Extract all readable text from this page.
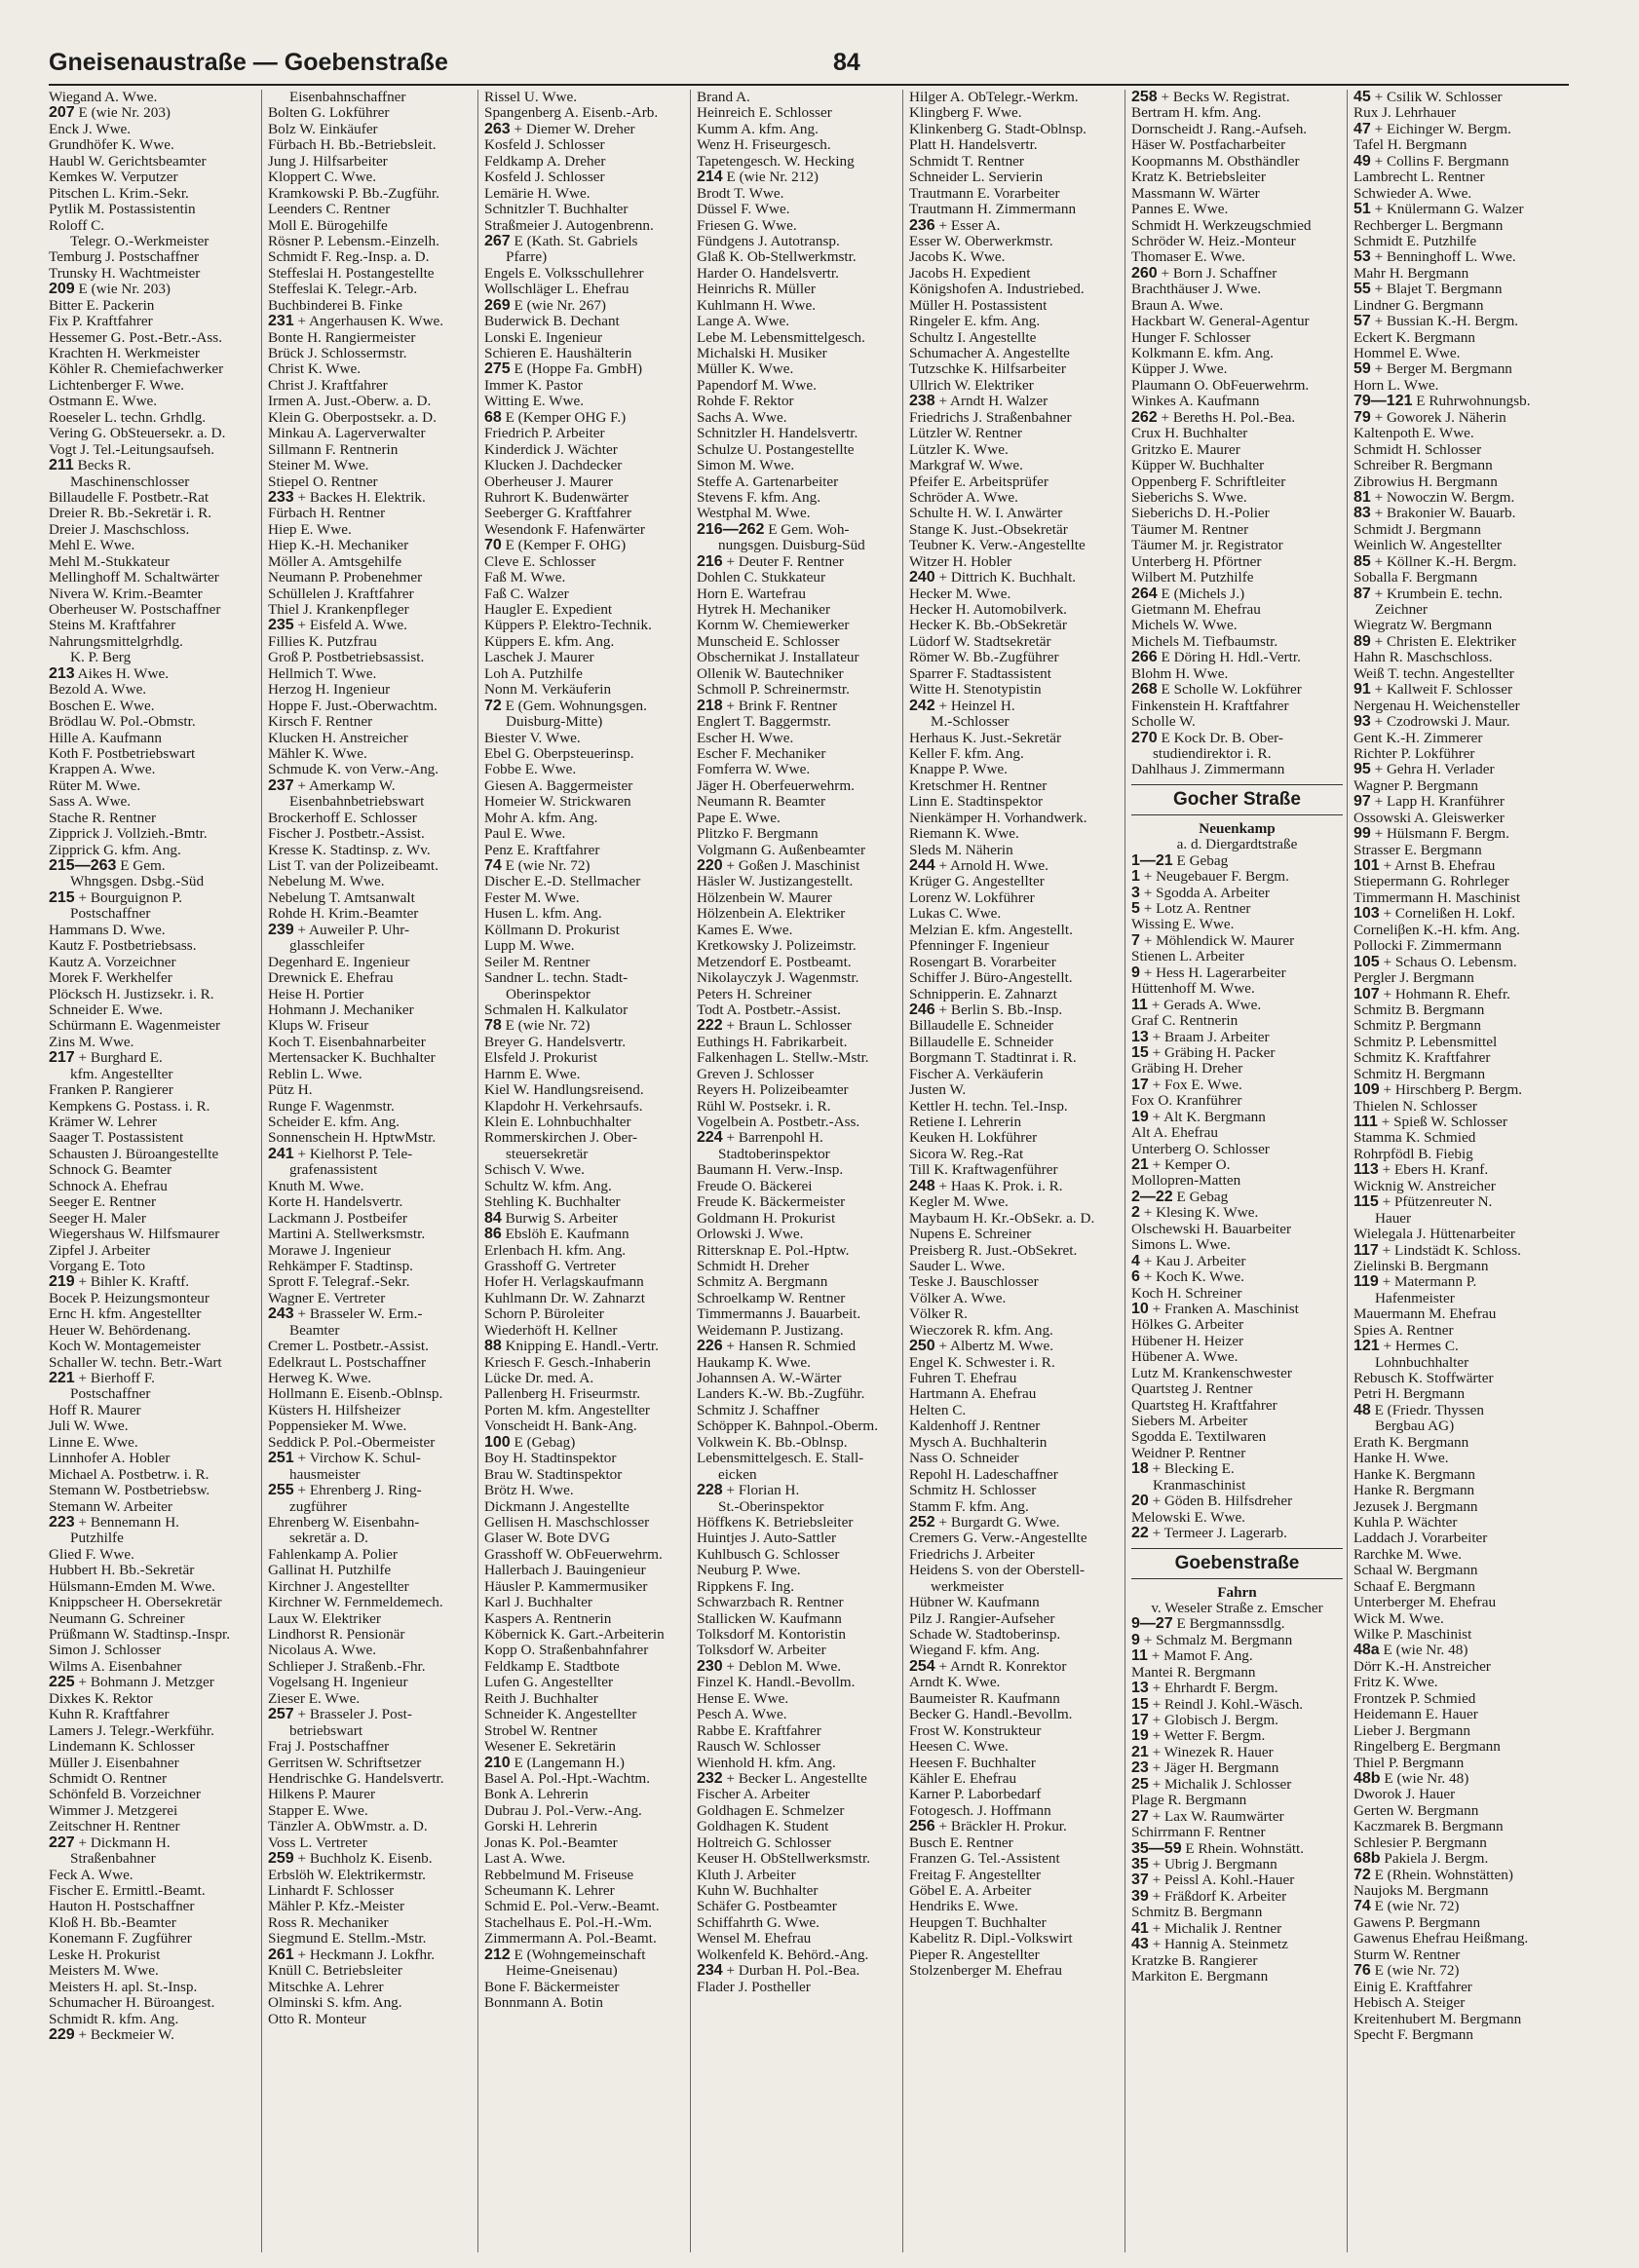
Gneisenaustraße — Goebenstraße	84
Wiegand A. Wwe.
207 E (wie Nr. 203)
Enck J. Wwe.
Grundhöfer K. Wwe.
Haubl W. Gerichtsbeamter
Kemkes W. Verputzer
Pitschen L. Krim.-Sekr.
Pytlik M. Postassistentin
Roloff C.
Telegr. O.-Werkmeister
Temburg J. Postschaffner
Trunsky H. Wachtmeister
209 E (wie Nr. 203)
Bitter E. Packerin
Fix P. Kraftfahrer
Hessemer G. Post.-Betr.-Ass.
Krachten H. Werkmeister
Köhler R. Chemiefachwerker
Lichtenberger F. Wwe.
Ostmann E. Wwe.
Roeseler L. techn. Grhdlg.
Vering G. ObSteuersekr. a. D.
Vogt J. Tel.-Leitungsaufseh.
211 Becks R.
Maschinenschlosser
Billaudelle F. Postbetr.-Rat
Dreier R. Bb.-Sekretär i. R.
Dreier J. Maschschloss.
Mehl E. Wwe.
Mehl M.-Stukkateur
Mellinghoff M. Schaltwärter
Nivera W. Krim.-Beamter
Oberheuser W. Postschaffner
Steins M. Kraftfahrer
Nahrungsmittelgrhdlg.
K. P. Berg
213 Aikes H. Wwe.
Bezold A. Wwe.
Boschen E. Wwe.
Brödlau W. Pol.-Obmstr.
Hille A. Kaufmann
Koth F. Postbetriebswart
Krappen A. Wwe.
Rüter M. Wwe.
Sass A. Wwe.
Stache R. Rentner
Zipprick J. Vollzieh.-Bmtr.
Zipprick G. kfm. Ang.
215—263 E Gem.
Whngsgen. Dsbg.-Süd
215 + Bourguignon P.
Postschaffner
Hammans D. Wwe.
Kautz F. Postbetriebsass.
Kautz A. Vorzeichner
Morek F. Werkhelfer
Plöcksch H. Justizsekr. i. R.
Schneider E. Wwe.
Schürmann E. Wagenmeister
Zins M. Wwe.
217 + Burghard E.
kfm. Angestellter
Franken P. Rangierer
Kempkens G. Postass. i. R.
Krämer W. Lehrer
Saager T. Postassistent
Schausten J. Büroangestellte
Schnock G. Beamter
Schnock A. Ehefrau
Seeger E. Rentner
Seeger H. Maler
Wiegershaus W. Hilfsmaurer
Zipfel J. Arbeiter
Vorgang E. Toto
219 + Bihler K. Kraftf.
Bocek P. Heizungsmonteur
Ernc H. kfm. Angestellter
Heuer W. Behördenang.
Koch W. Montagemeister
Schaller W. techn. Betr.-Wart
221 + Bierhoff F.
Postschaffner
Hoff R. Maurer
Juli W. Wwe.
Linne E. Wwe.
Linnhofer A. Hobler
Michael A. Postbetrw. i. R.
Stemann W. Postbetriebsw.
Stemann W. Arbeiter
223 + Bennemann H.
Putzhilfe
Glied F. Wwe.
Hubbert H. Bb.-Sekretär
Hülsmann-Emden M. Wwe.
Knippscheer H. Obersekretär
Neumann G. Schreiner
Prüßmann W. Stadtinsp.-Inspr.
Simon J. Schlosser
Wilms A. Eisenbahner
225 + Bohmann J. Metzger
Dixkes K. Rektor
Kuhn R. Kraftfahrer
Lamers J. Telegr.-Werkführ.
Lindemann K. Schlosser
Müller J. Eisenbahner
Schmidt O. Rentner
Schönfeld B. Vorzeichner
Wimmer J. Metzgerei
Zeitschner H. Rentner
227 + Dickmann H.
Straßenbahner
Feck A. Wwe.
Fischer E. Ermittl.-Beamt.
Hauton H. Postschaffner
Kloß H. Bb.-Beamter
Konemann F. Zugführer
Leske H. Prokurist
Meisters M. Wwe.
Meisters H. apl. St.-Insp.
Schumacher H. Büroangest.
Schmidt R. kfm. Ang.
229 + Beckmeier W.
Eisenbahnschaffner
Bolten G. Lokführer
Bolz W. Einkäufer
Fürbach H. Bb.-Betriebsleit.
Jung J. Hilfsarbeiter
Kloppert C. Wwe.
Kramkowski P. Bb.-Zugführ.
Leenders C. Rentner
Moll E. Bürogehilfe
Rösner P. Lebensm.-Einzelh.
Schmidt F. Reg.-Insp. a. D.
Steffeslai H. Postangestellte
Steffeslai K. Telegr.-Arb.
Buchbinderei B. Finke
231 + Angerhausen K. Wwe.
Bonte H. Rangiermeister
Brück J. Schlossermstr.
Christ K. Wwe.
Christ J. Kraftfahrer
Irmen A. Just.-Oberw. a. D.
Klein G. Oberpostsekr. a. D.
Minkau A. Lagerverwalter
Sillmann F. Rentnerin
Steiner M. Wwe.
Stiepel O. Rentner
233 + Backes H. Elektrik.
Fürbach H. Rentner
Hiep E. Wwe.
Hiep K.-H. Mechaniker
Möller A. Amtsgehilfe
Neumann P. Probenehmer
Schüllelen J. Kraftfahrer
Thiel J. Krankenpfleger
235 + Eisfeld A. Wwe.
Fillies K. Putzfrau
Groß P. Postbetriebsassist.
Hellmich T. Wwe.
Herzog H. Ingenieur
Hoppe F. Just.-Oberwachtm.
Kirsch F. Rentner
Klucken H. Anstreicher
Mähler K. Wwe.
Schmude K. von Verw.-Ang.
237 + Amerkamp W.
Eisenbahnbetriebswart
Brockerhoff E. Schlosser
Fischer J. Postbetr.-Assist.
Kresse K. Stadtinsp. z. Wv.
List T. van der Polizeibeamt.
Nebelung M. Wwe.
Nebelung T. Amtsanwalt
Rohde H. Krim.-Beamter
239 + Auweiler P. Uhr-
glasschleifer
Degenhard E. Ingenieur
Drewnick E. Ehefrau
Heise H. Portier
Hohmann J. Mechaniker
Klups W. Friseur
Koch T. Eisenbahnarbeiter
Mertensacker K. Buchhalter
Reblin L. Wwe.
Pütz H.
Runge F. Wagenmstr.
Scheider E. kfm. Ang.
Sonnenschein H. HptwMstr.
241 + Kielhorst P. Tele-
grafenassistent
Knuth M. Wwe.
Korte H. Handelsvertr.
Lackmann J. Postbeifer
Martini A. Stellwerksmstr.
Morawe J. Ingenieur
Rehkämper F. Stadtinsp.
Sprott F. Telegraf.-Sekr.
Wagner E. Vertreter
243 + Brasseler W. Erm.-
Beamter
Cremer L. Postbetr.-Assist.
Edelkraut L. Postschaffner
Herweg K. Wwe.
Hollmann E. Eisenb.-Oblnsp.
Küsters H. Hilfsheizer
Poppensieker M. Wwe.
Seddick P. Pol.-Obermeister
251 + Virchow K. Schul-
hausmeister
255 + Ehrenberg J. Ring-
zugführer
Ehrenberg W. Eisenbahn-
sekretär a. D.
Fahlenkamp A. Polier
Gallinat H. Putzhilfe
Kirchner J. Angestellter
Kirchner W. Fernmeldemech.
Laux W. Elektriker
Lindhorst R. Pensionär
Nicolaus A. Wwe.
Schlieper J. Straßenb.-Fhr.
Vogelsang H. Ingenieur
Zieser E. Wwe.
257 + Brasseler J. Post-
betriebswart
Fraj J. Postschaffner
Gerritsen W. Schriftsetzer
Hendrischke G. Handelsvertr.
Hilkens P. Maurer
Stapper E. Wwe.
Tänzler A. ObWmstr. a. D.
Voss L. Vertreter
259 + Buchholz K. Eisenb.
Erbslöh W. Elektrikermstr.
Linhardt F. Schlosser
Mähler P. Kfz.-Meister
Ross R. Mechaniker
Siegmund E. Stellm.-Mstr.
261 + Heckmann J. Lokfhr.
Knüll C. Betriebsleiter
Mitschke A. Lehrer
Olminski S. kfm. Ang.
Otto R. Monteur
Rissel U. Wwe.
Spangenberg A. Eisenb.-Arb.
263 + Diemer W. Dreher
Kosfeld J. Schlosser
Feldkamp A. Dreher
Kosfeld J. Schlosser
Lemärie H. Wwe.
Schnitzler T. Buchhalter
Straßmeier J. Autogenbrenn.
267 E (Kath. St. Gabriels
Pfarre)
Engels E. Volksschullehrer
Wollschläger L. Ehefrau
269 E (wie Nr. 267)
Buderwick B. Dechant
Lonski E. Ingenieur
Schieren E. Haushälterin
275 E (Hoppe Fa. GmbH)
Immer K. Pastor
Witting E. Wwe.
68 E (Kemper OHG F.)
Friedrich P. Arbeiter
Kinderdick J. Wächter
Klucken J. Dachdecker
Oberheuser J. Maurer
Ruhrort K. Budenwärter
Seeberger G. Kraftfahrer
Wesendonk F. Hafenwärter
70 E (Kemper F. OHG)
Cleve E. Schlosser
Faß M. Wwe.
Faß C. Walzer
Haugler E. Expedient
Küppers P. Elektro-Technik.
Küppers E. kfm. Ang.
Laschek J. Maurer
Loh A. Putzhilfe
Nonn M. Verkäuferin
72 E (Gem. Wohnungsgen.
Duisburg-Mitte)
Biester V. Wwe.
Ebel G. Oberpsteuerinsp.
Fobbe E. Wwe.
Giesen A. Baggermeister
Homeier W. Strickwaren
Mohr A. kfm. Ang.
Paul E. Wwe.
Penz E. Kraftfahrer
74 E (wie Nr. 72)
Discher E.-D. Stellmacher
Fester M. Wwe.
Husen L. kfm. Ang.
Köllmann D. Prokurist
Lupp M. Wwe.
Seiler M. Rentner
Sandner L. techn. Stadt-
Oberinspektor
Schmalen H. Kalkulator
78 E (wie Nr. 72)
Breyer G. Handelsvertr.
Elsfeld J. Prokurist
Harnm E. Wwe.
Kiel W. Handlungsreisend.
Klapdohr H. Verkehrsaufs.
Klein E. Lohnbuchhalter
Rommerskirchen J. Ober-
steuersekretär
Schisch V. Wwe.
Schultz W. kfm. Ang.
Stehling K. Buchhalter
84 Burwig S. Arbeiter
86 Ebslöh E. Kaufmann
Erlenbach H. kfm. Ang.
Grasshoff G. Vertreter
Hofer H. Verlagskaufmann
Kuhlmann Dr. W. Zahnarzt
Schorn P. Büroleiter
Wiederhöft H. Kellner
88 Knipping E. Handl.-Vertr.
Kriesch F. Gesch.-Inhaberin
Lücke Dr. med. A.
Pallenberg H. Friseurmstr.
Porten M. kfm. Angestellter
Vonscheidt H. Bank-Ang.
100 E (Gebag)
Boy H. Stadtinspektor
Brau W. Stadtinspektor
Brötz H. Wwe.
Dickmann J. Angestellte
Gellisen H. Maschschlosser
Glaser W. Bote DVG
Grasshoff W. ObFeuerwehrm.
Hallerbach J. Bauingenieur
Häusler P. Kammermusiker
Karl J. Buchhalter
Kaspers A. Rentnerin
Köbernick K. Gart.-Arbeiterin
Kopp O. Straßenbahnfahrer
Feldkamp E. Stadtbote
Lufen G. Angestellter
Reith J. Buchhalter
Schneider K. Angestellter
Strobel W. Rentner
Wesener E. Sekretärin
210 E (Langemann H.)
Basel A. Pol.-Hpt.-Wachtm.
Bonk A. Lehrerin
Dubrau J. Pol.-Verw.-Ang.
Gorski H. Lehrerin
Jonas K. Pol.-Beamter
Last A. Wwe.
Rebbelmund M. Friseuse
Scheumann K. Lehrer
Schmid E. Pol.-Verw.-Beamt.
Stachelhaus E. Pol.-H.-Wm.
Zimmermann A. Pol.-Beamt.
212 E (Wohngemeinschaft
Heime-Gneisenau)
Bone F. Bäckermeister
Bonnmann A. Botin
Brand A.
Heinreich E. Schlosser
Kumm A. kfm. Ang.
Wenz H. Friseurgesch.
Tapetengesch. W. Hecking
214 E (wie Nr. 212)
Brodt T. Wwe.
Düssel F. Wwe.
Friesen G. Wwe.
Fündgens J. Autotransp.
Glaß K. Ob-Stellwerkmstr.
Harder O. Handelsvertr.
Heinrichs R. Müller
Kuhlmann H. Wwe.
Lange A. Wwe.
Lebe M. Lebensmittelgesch.
Michalski H. Musiker
Müller K. Wwe.
Papendorf M. Wwe.
Rohde F. Rektor
Sachs A. Wwe.
Schnitzler H. Handelsvertr.
Schulze U. Postangestellte
Simon M. Wwe.
Steffe A. Gartenarbeiter
Stevens F. kfm. Ang.
Westphal M. Wwe.
216—262 E Gem. Woh-
nungsgen. Duisburg-Süd
216 + Deuter F. Rentner
Dohlen C. Stukkateur
Horn E. Wartefrau
Hytrek H. Mechaniker
Kornm W. Chemiewerker
Munscheid E. Schlosser
Obschernikat J. Installateur
Ollenik W. Bautechniker
Schmoll P. Schreinermstr.
218 + Brink F. Rentner
Englert T. Baggermstr.
Escher H. Wwe.
Escher F. Mechaniker
Fomferra W. Wwe.
Jäger H. Oberfeuerwehrm.
Neumann R. Beamter
Pape E. Wwe.
Plitzko F. Bergmann
Volgmann G. Außenbeamter
220 + Goßen J. Maschinist
Häsler W. Justizangestellt.
Hölzenbein W. Maurer
Hölzenbein A. Elektriker
Kames E. Wwe.
Kretkowsky J. Polizeimstr.
Metzendorf E. Postbeamt.
Nikolayczyk J. Wagenmstr.
Peters H. Schreiner
Todt A. Postbetr.-Assist.
222 + Braun L. Schlosser
Euthings H. Fabrikarbeit.
Falkenhagen L. Stellw.-Mstr.
Greven J. Schlosser
Reyers H. Polizeibeamter
Rühl W. Postsekr. i. R.
Vogelbein A. Postbetr.-Ass.
224 + Barrenpohl H.
Stadtoberinspektor
Baumann H. Verw.-Insp.
Freude O. Bäckerei
Freude K. Bäckermeister
Goldmann H. Prokurist
Orlowski J. Wwe.
Rittersknap E. Pol.-Hptw.
Schmidt H. Dreher
Schmitz A. Bergmann
Schroelkamp W. Rentner
Timmermanns J. Bauarbeit.
Weidemann P. Justizang.
226 + Hansen R. Schmied
Haukamp K. Wwe.
Johannsen A. W.-Wärter
Landers K.-W. Bb.-Zugführ.
Schmitz J. Schaffner
Schöpper K. Bahnpol.-Oberm.
Volkwein K. Bb.-Oblnsp.
Lebensmittelgesch. E. Stall-
eicken
228 + Florian H.
St.-Oberinspektor
Höffkens K. Betriebsleiter
Huintjes J. Auto-Sattler
Kuhlbusch G. Schlosser
Neuburg P. Wwe.
Rippkens F. Ing.
Schwarzbach R. Rentner
Stallicken W. Kaufmann
Tolksdorf M. Kontoristin
Tolksdorf W. Arbeiter
230 + Deblon M. Wwe.
Finzel K. Handl.-Bevollm.
Hense E. Wwe.
Pesch A. Wwe.
Rabbe E. Kraftfahrer
Rausch W. Schlosser
Wienhold H. kfm. Ang.
232 + Becker L. Angestellte
Fischer A. Arbeiter
Goldhagen E. Schmelzer
Goldhagen K. Student
Holtreich G. Schlosser
Keuser H. ObStellwerksmstr.
Kluth J. Arbeiter
Kuhn W. Buchhalter
Schäfer G. Postbeamter
Schiffahrth G. Wwe.
Wensel M. Ehefrau
Wolkenfeld K. Behörd.-Ang.
234 + Durban H. Pol.-Bea.
Flader J. Postheller
Hilger A. ObTelegr.-Werkm.
Klingberg F. Wwe.
Klinkenberg G. Stadt-Oblnsp.
Platt H. Handelsvertr.
Schmidt T. Rentner
Schneider L. Servierin
Trautmann E. Vorarbeiter
Trautmann H. Zimmermann
236 + Esser A.
Esser W. Oberwerkmstr.
Jacobs K. Wwe.
Jacobs H. Expedient
Königshofen A. Industriebed.
Müller H. Postassistent
Ringeler E. kfm. Ang.
Schultz I. Angestellte
Schumacher A. Angestellte
Tutzschke K. Hilfsarbeiter
Ullrich W. Elektriker
238 + Arndt H. Walzer
Friedrichs J. Straßenbahner
Lützler W. Rentner
Lützler K. Wwe.
Markgraf W. Wwe.
Pfeifer E. Arbeitsprüfer
Schröder A. Wwe.
Schulte H. W. I. Anwärter
Stange K. Just.-Obsekretär
Teubner K. Verw.-Angestellte
Witzer H. Hobler
240 + Dittrich K. Buchhalt.
Hecker M. Wwe.
Hecker H. Automobilverk.
Hecker K. Bb.-ObSekretär
Lüdorf W. Stadtsekretär
Römer W. Bb.-Zugführer
Sparrer F. Stadtassistent
Witte H. Stenotypistin
242 + Heinzel H.
M.-Schlosser
Herhaus K. Just.-Sekretär
Keller F. kfm. Ang.
Knappe P. Wwe.
Kretschmer H. Rentner
Linn E. Stadtinspektor
Nienkämper H. Vorhandwerk.
Riemann K. Wwe.
Sleds M. Näherin
244 + Arnold H. Wwe.
Krüger G. Angestellter
Lorenz W. Lokführer
Lukas C. Wwe.
Melzian E. kfm. Angestellt.
Pfenninger F. Ingenieur
Rosengart B. Vorarbeiter
Schiffer J. Büro-Angestellt.
Schnipperin. E. Zahnarzt
246 + Berlin S. Bb.-Insp.
Billaudelle E. Schneider
Billaudelle E. Schneider
Borgmann T. Stadtinrat i. R.
Fischer A. Verkäuferin
Justen W.
Kettler H. techn. Tel.-Insp.
Retiene I. Lehrerin
Keuken H. Lokführer
Sicora W. Reg.-Rat
Till K. Kraftwagenführer
248 + Haas K. Prok. i. R.
Kegler M. Wwe.
Maybaum H. Kr.-ObSekr. a. D.
Nupens E. Schreiner
Preisberg R. Just.-ObSekret.
Sauder L. Wwe.
Teske J. Bauschlosser
Völker A. Wwe.
Völker R.
Wieczorek R. kfm. Ang.
250 + Albertz M. Wwe.
Engel K. Schwester i. R.
Fuhren T. Ehefrau
Hartmann A. Ehefrau
Helten C.
Kaldenhoff J. Rentner
Mysch A. Buchhalterin
Nass O. Schneider
Repohl H. Ladeschaffner
Schmitz H. Schlosser
Stamm F. kfm. Ang.
252 + Burgardt G. Wwe.
Cremers G. Verw.-Angestellte
Friedrichs J. Arbeiter
Heidens S. von der Oberstell-
werkmeister
Hübner W. Kaufmann
Pilz J. Rangier-Aufseher
Schade W. Stadtoberinsp.
Wiegand F. kfm. Ang.
254 + Arndt R. Konrektor
Arndt K. Wwe.
Baumeister R. Kaufmann
Becker G. Handl.-Bevollm.
Frost W. Konstrukteur
Heesen C. Wwe.
Heesen F. Buchhalter
Kähler E. Ehefrau
Karner P. Laborbedarf
Fotogesch. J. Hoffmann
256 + Bräckler H. Prokur.
Busch E. Rentner
Franzen G. Tel.-Assistent
Freitag F. Angestellter
Göbel E. A. Arbeiter
Hendriks E. Wwe.
Heupgen T. Buchhalter
Kabelitz R. Dipl.-Volkswirt
Pieper R. Angestellter
Stolzenberger M. Ehefrau
258 + Becks W. Registrat.
Bertram H. kfm. Ang.
Dornscheidt J. Rang.-Aufseh.
Häser W. Postfacharbeiter
Koopmanns M. Obsthändler
Kratz K. Betriebsleiter
Massmann W. Wärter
Pannes E. Wwe.
Schmidt H. Werkzeugschmied
Schröder W. Heiz.-Monteur
Thomaser E. Wwe.
260 + Born J. Schaffner
Brachthäuser J. Wwe.
Braun A. Wwe.
Hackbart W. General-Agentur
Hunger F. Schlosser
Kolkmann E. kfm. Ang.
Küpper J. Wwe.
Plaumann O. ObFeuerwehrm.
Winkes A. Kaufmann
262 + Bereths H. Pol.-Bea.
Crux H. Buchhalter
Gritzko E. Maurer
Küpper W. Buchhalter
Oppenberg F. Schriftleiter
Sieberichs S. Wwe.
Sieberichs D. H.-Polier
Täumer M. Rentner
Täumer M. jr. Registrator
Unterberg H. Pförtner
Wilbert M. Putzhilfe
264 E (Michels J.)
Gietmann M. Ehefrau
Michels W. Wwe.
Michels M. Tiefbaumstr.
266 E Döring H. Hdl.-Vertr.
Blohm H. Wwe.
268 E Scholle W. Lokführer
Finkenstein H. Kraftfahrer
Scholle W.
270 E Kock Dr. B. Ober-
studiendirektor i. R.
Dahlhaus J. Zimmermann
Gocher Straße
Neuenkamp
a. d. Diergardtstraße
1—21 E Gebag
1 + Neugebauer F. Bergm.
3 + Sgodda A. Arbeiter
5 + Lotz A. Rentner
Wissing E. Wwe.
7 + Möhlendick W. Maurer
Stienen L. Arbeiter
9 + Hess H. Lagerarbeiter
Hüttenhoff M. Wwe.
11 + Gerads A. Wwe.
Graf C. Rentnerin
13 + Braam J. Arbeiter
15 + Gräbing H. Packer
Gräbing H. Dreher
17 + Fox E. Wwe.
Fox O. Kranführer
19 + Alt K. Bergmann
Alt A. Ehefrau
Unterberg O. Schlosser
21 + Kemper O.
Mollopren-Matten
2—22 E Gebag
2 + Klesing K. Wwe.
Olschewski H. Bauarbeiter
Simons L. Wwe.
4 + Kau J. Arbeiter
6 + Koch K. Wwe.
Koch H. Schreiner
10 + Franken A. Maschinist
Hölkes G. Arbeiter
Hübener H. Heizer
Hübener A. Wwe.
Lutz M. Krankenschwester
Quartsteg J. Rentner
Quartsteg H. Kraftfahrer
Siebers M. Arbeiter
Sgodda E. Textilwaren
Weidner P. Rentner
18 + Blecking E.
Kranmaschinist
20 + Göden B. Hilfsdreher
Melowski E. Wwe.
22 + Termeer J. Lagerarb.
Goebenstraße
Fahrn
v. Weseler Straße z. Emscher
9—27 E Bergmannssdlg.
9 + Schmalz M. Bergmann
11 + Mamot F. Ang.
Mantei R. Bergmann
13 + Ehrhardt F. Bergm.
15 + Reindl J. Kohl.-Wäsch.
17 + Globisch J. Bergm.
19 + Wetter F. Bergm.
21 + Winezek R. Hauer
23 + Jäger H. Bergmann
25 + Michalik J. Schlosser
Plage R. Bergmann
27 + Lax W. Raumwärter
Schirrmann F. Rentner
35—59 E Rhein. Wohnstätt.
35 + Ubrig J. Bergmann
37 + Peissl A. Kohl.-Hauer
39 + Fräßdorf K. Arbeiter
Schmitz B. Bergmann
41 + Michalik J. Rentner
43 + Hannig A. Steinmetz
Kratzke B. Rangierer
Markiton E. Bergmann
45 + Csilik W. Schlosser
Rux J. Lehrhauer
47 + Eichinger W. Bergm.
Tafel H. Bergmann
49 + Collins F. Bergmann
Lambrecht L. Rentner
Schwieder A. Wwe.
51 + Knülermann G. Walzer
Rechberger L. Bergmann
Schmidt E. Putzhilfe
53 + Benninghoff L. Wwe.
Mahr H. Bergmann
55 + Blajet T. Bergmann
Lindner G. Bergmann
57 + Bussian K.-H. Bergm.
Eckert K. Bergmann
Hommel E. Wwe.
59 + Berger M. Bergmann
Horn L. Wwe.
79—121 E Ruhrwohnungsb.
79 + Goworek J. Näherin
Kaltenpoth E. Wwe.
Schmidt H. Schlosser
Schreiber R. Bergmann
Zibrowius H. Bergmann
81 + Nowoczin W. Bergm.
83 + Brakonier W. Bauarb.
Schmidt J. Bergmann
Weinlich W. Angestellter
85 + Köllner K.-H. Bergm.
Soballa F. Bergmann
87 + Krumbein E. techn.
Zeichner
Wiegratz W. Bergmann
89 + Christen E. Elektriker
Hahn R. Maschschloss.
Weiß T. techn. Angestellter
91 + Kallweit F. Schlosser
Nergenau H. Weichensteller
93 + Czodrowski J. Maur.
Gent K.-H. Zimmerer
Richter P. Lokführer
95 + Gehra H. Verlader
Wagner P. Bergmann
97 + Lapp H. Kranführer
Ossowski A. Gleiswerker
99 + Hülsmann F. Bergm.
Strasser E. Bergmann
101 + Arnst B. Ehefrau
Stiepermann G. Rohrleger
Timmermann H. Maschinist
103 + Cornelißen H. Lokf.
Corneliβen K.-H. kfm. Ang.
Pollocki F. Zimmermann
105 + Schaus O. Lebensm.
Pergler J. Bergmann
107 + Hohmann R. Ehefr.
Schmitz B. Bergmann
Schmitz P. Bergmann
Schmitz P. Lebensmittel
Schmitz K. Kraftfahrer
Schmitz H. Bergmann
109 + Hirschberg P. Bergm.
Thielen N. Schlosser
111 + Spieß W. Schlosser
Stamma K. Schmied
Rohrpfödl B. Fiebig
113 + Ebers H. Kranf.
Wicknig W. Anstreicher
115 + Pfützenreuter N.
Hauer
Wielegala J. Hüttenarbeiter
117 + Lindstädt K. Schloss.
Zielinski B. Bergmann
119 + Matermann P.
Hafenmeister
Mauermann M. Ehefrau
Spies A. Rentner
121 + Hermes C.
Lohnbuchhalter
Rebusch K. Stoffwärter
Petri H. Bergmann
48 E (Friedr. Thyssen
Bergbau AG)
Erath K. Bergmann
Hanke H. Wwe.
Hanke K. Bergmann
Hanke R. Bergmann
Jezusek J. Bergmann
Kuhla P. Wächter
Laddach J. Vorarbeiter
Rarchke M. Wwe.
Schaal W. Bergmann
Schaaf E. Bergmann
Unterberger M. Ehefrau
Wick M. Wwe.
Wilke P. Maschinist
48a E (wie Nr. 48)
Dörr K.-H. Anstreicher
Fritz K. Wwe.
Frontzek P. Schmied
Heidemann E. Hauer
Lieber J. Bergmann
Ringelberg E. Bergmann
Thiel P. Bergmann
48b E (wie Nr. 48)
Dworok J. Hauer
Gerten W. Bergmann
Kaczmarek B. Bergmann
Schlesier P. Bergmann
68b Pakiela J. Bergm.
72 E (Rhein. Wohnstätten)
Naujoks M. Bergmann
74 E (wie Nr. 72)
Gawens P. Bergmann
Gawenus Ehefrau Heißmang.
Sturm W. Rentner
76 E (wie Nr. 72)
Einig E. Kraftfahrer
Hebisch A. Steiger
Kreitenhubert M. Bergmann
Specht F. Bergmann
